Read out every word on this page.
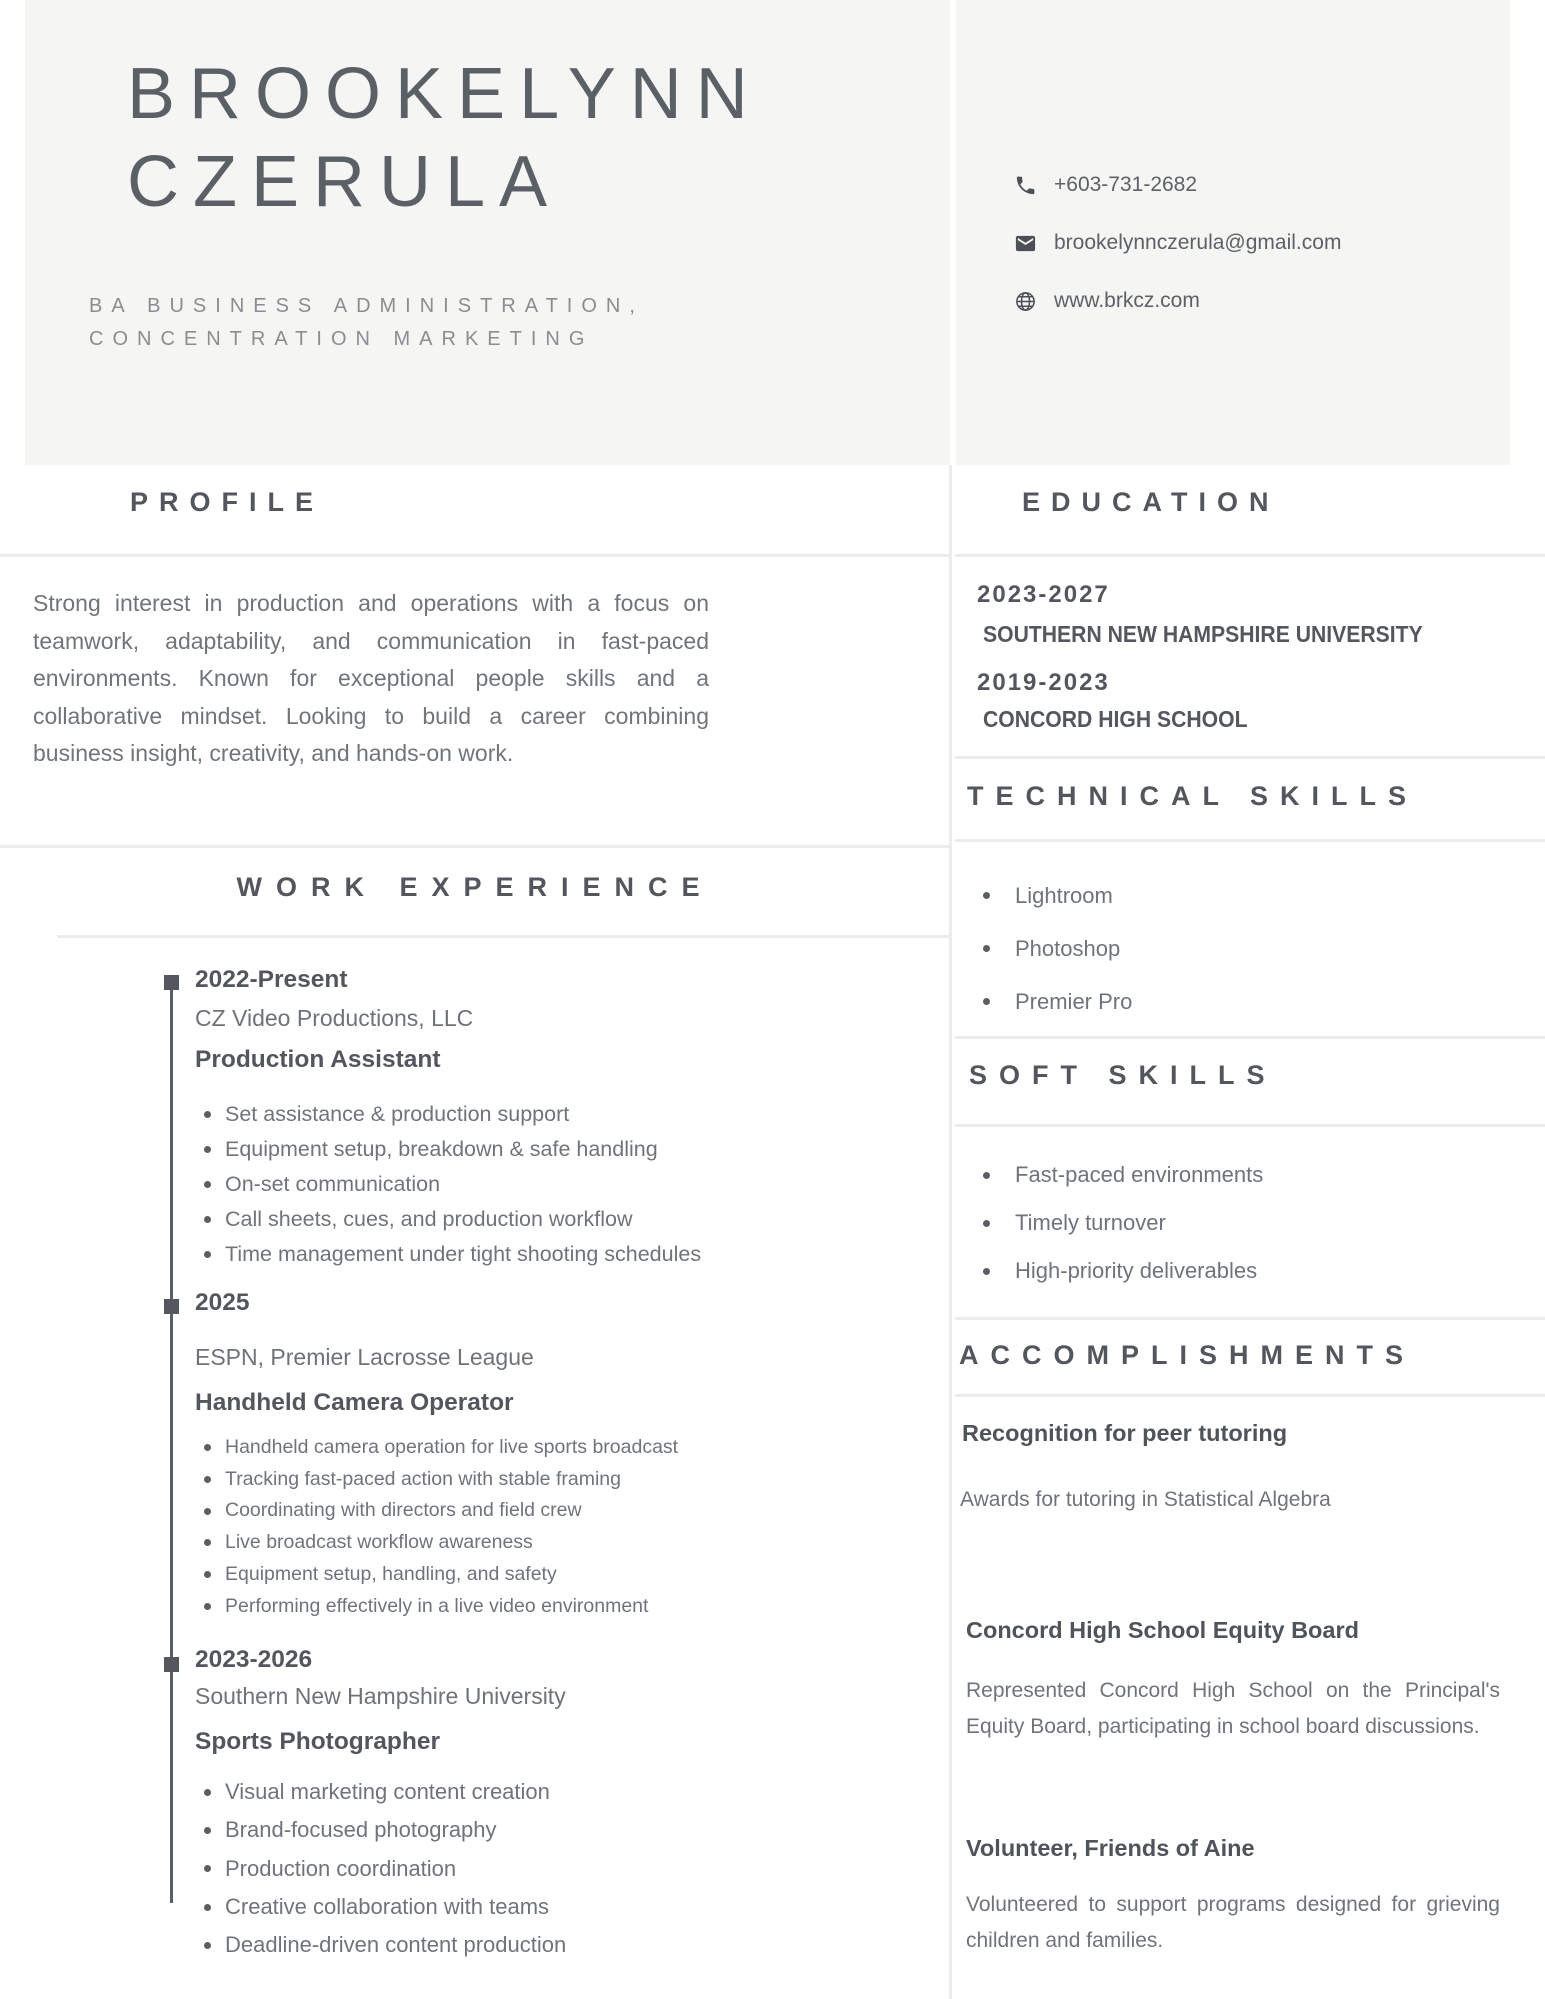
BROOKELYNN
CZERULA
BA BUSINESS ADMINISTRATION,
CONCENTRATION MARKETING
+603-731-2682
brookelynnczerula@gmail.com
www.brkcz.com
PROFILE
Strong interest in production and operations with a focus on teamwork, adaptability, and communication in fast-paced environments. Known for exceptional people skills and a collaborative mindset. Looking to build a career combining business insight, creativity, and hands-on work.
WORK EXPERIENCE
2022-Present
CZ Video Productions, LLC
Production Assistant
Set assistance & production support
Equipment setup, breakdown & safe handling
On-set communication
Call sheets, cues, and production workflow
Time management under tight shooting schedules
2025
ESPN, Premier Lacrosse League
Handheld Camera Operator
Handheld camera operation for live sports broadcast
Tracking fast-paced action with stable framing
Coordinating with directors and field crew
Live broadcast workflow awareness
Equipment setup, handling, and safety
Performing effectively in a live video environment
2023-2026
Southern New Hampshire University
Sports Photographer
Visual marketing content creation
Brand-focused photography
Production coordination
Creative collaboration with teams
Deadline-driven content production
EDUCATION
2023-2027
SOUTHERN NEW HAMPSHIRE UNIVERSITY
2019-2023
CONCORD HIGH SCHOOL
TECHNICAL SKILLS
Lightroom
Photoshop
Premier Pro
SOFT SKILLS
Fast-paced environments
Timely turnover
High-priority deliverables
ACCOMPLISHMENTS
Recognition for peer tutoring
Awards for tutoring in Statistical Algebra
Concord High School Equity Board
Represented Concord High School on the Principal's Equity Board, participating in school board discussions.
Volunteer, Friends of Aine
Volunteered to support programs designed for grieving children and families.
